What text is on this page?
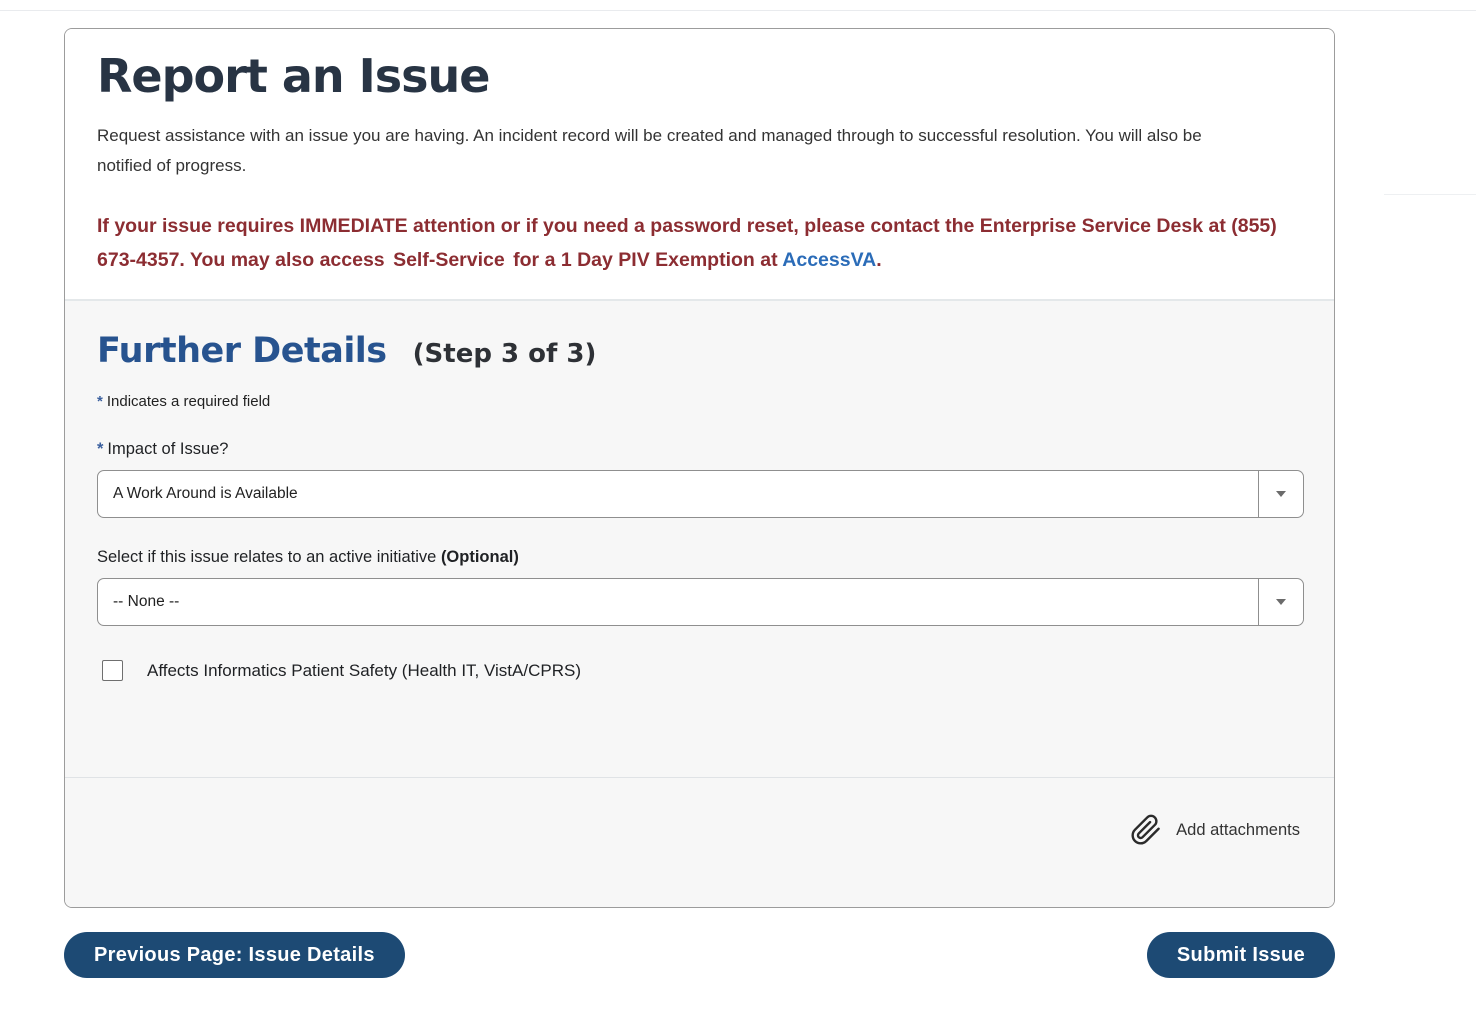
Report an Issue

Request assistance with an issue you are having. An incident record will be created and managed through to successful resolution. You will also be notified of progress.

If your issue requires IMMEDIATE attention or if you need a password reset, please contact the Enterprise Service Desk at (855) 673-4357. You may also access Self-Service for a 1 Day PIV Exemption at AccessVA.

Further Details (Step 3 of 3)
* Indicates a required field
* Impact of Issue?
A Work Around is Available
Select if this issue relates to an active initiative (Optional)
-- None --
Affects Informatics Patient Safety (Health IT, VistA/CPRS)
Add attachments
Previous Page: Issue Details	Submit Issue
